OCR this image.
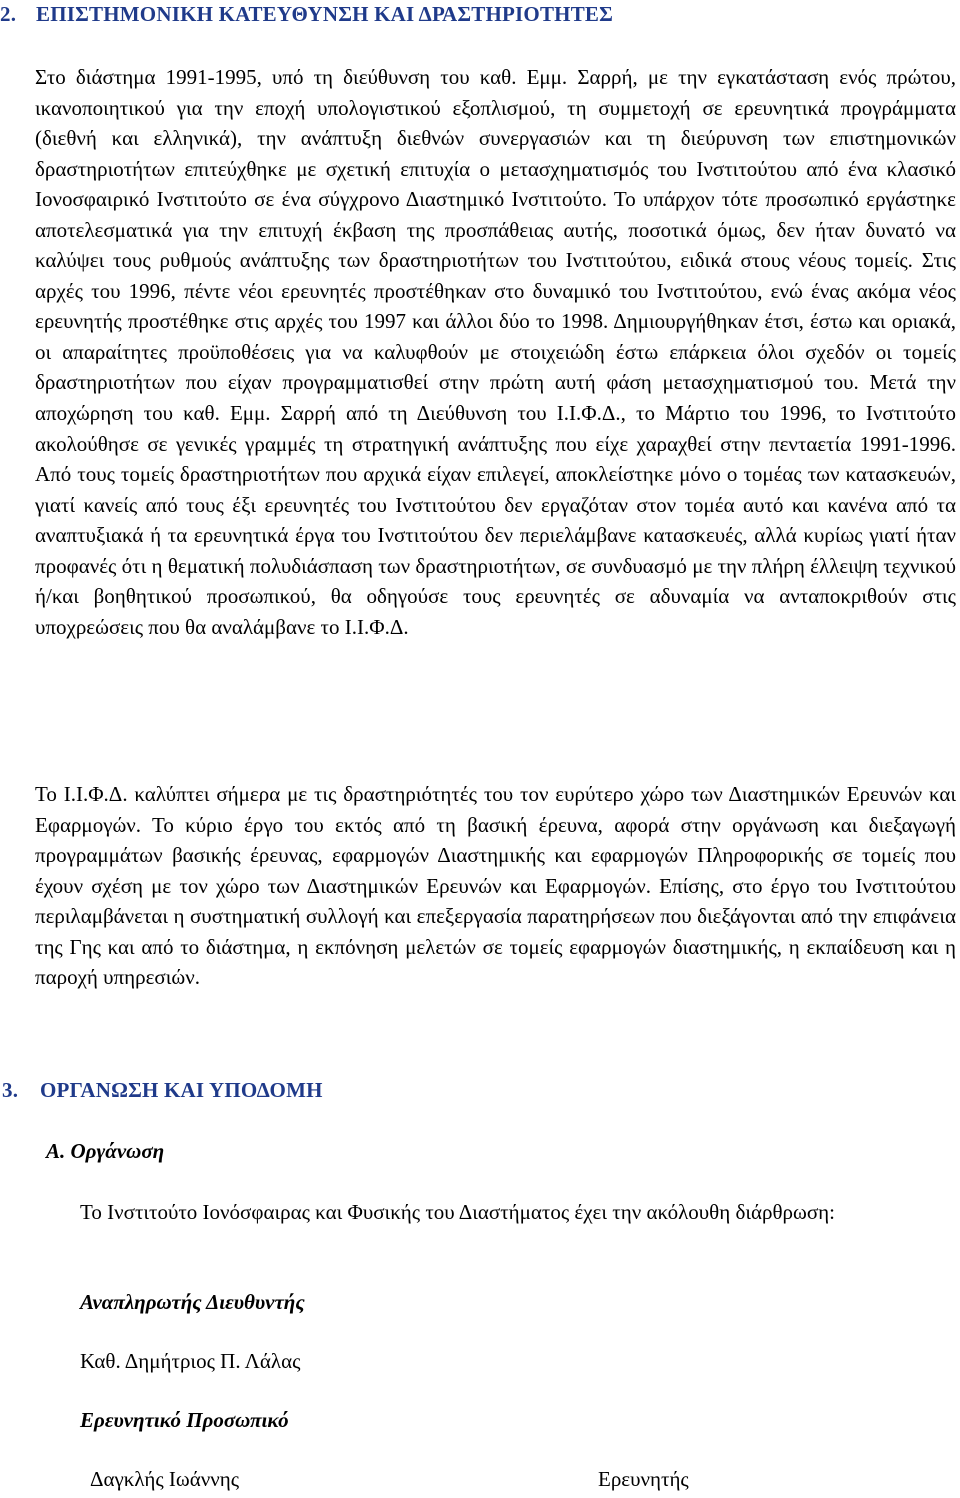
2. ΕΠΙΣΤΗΜΟΝΙΚΗ ΚΑΤΕΥΘΥΝΣΗ ΚΑΙ ΔΡΑΣΤΗΡΙΟΤΗΤΕΣ
Στο διάστημα 1991-1995, υπό τη διεύθυνση του καθ. Εμμ. Σαρρή, με την εγκατάσταση ενός πρώτου, ικανοποιητικού για την εποχή υπολογιστικού εξοπλισμού, τη συμμετοχή σε ερευνητικά προγράμματα (διεθνή και ελληνικά), την ανάπτυξη διεθνών συνεργασιών και τη διεύρυνση των επιστημονικών δραστηριοτήτων επιτεύχθηκε με σχετική επιτυχία ο μετασχηματισμός του Ινστιτούτου από ένα κλασικό Ιονοσφαιρικό Ινστιτούτο σε ένα σύγχρονο Διαστημικό Ινστιτούτο. Το υπάρχον τότε προσωπικό εργάστηκε αποτελεσματικά για την επιτυχή έκβαση της προσπάθειας αυτής, ποσοτικά όμως, δεν ήταν δυνατό να καλύψει τους ρυθμούς ανάπτυξης των δραστηριοτήτων του Ινστιτούτου, ειδικά στους νέους τομείς. Στις αρχές του 1996, πέντε νέοι ερευνητές προστέθηκαν στο δυναμικό του Ινστιτούτου, ενώ ένας ακόμα νέος ερευνητής προστέθηκε στις αρχές του 1997 και άλλοι δύο το 1998. Δημιουργήθηκαν έτσι, έστω και οριακά, οι απαραίτητες προϋποθέσεις για να καλυφθούν με στοιχειώδη έστω επάρκεια όλοι σχεδόν οι τομείς δραστηριοτήτων που είχαν προγραμματισθεί στην πρώτη αυτή φάση μετασχηματισμού του. Μετά την αποχώρηση του καθ. Εμμ. Σαρρή από τη Διεύθυνση του Ι.Ι.Φ.Δ., το Μάρτιο του 1996, το Ινστιτούτο ακολούθησε σε γενικές γραμμές τη στρατηγική ανάπτυξης που είχε χαραχθεί στην πενταετία 1991-1996. Από τους τομείς δραστηριοτήτων που αρχικά είχαν επιλεγεί, αποκλείστηκε μόνο ο τομέας των κατασκευών, γιατί κανείς από τους έξι ερευνητές του Ινστιτούτου δεν εργαζόταν στον τομέα αυτό και κανένα από τα αναπτυξιακά ή τα ερευνητικά έργα του Ινστιτούτου δεν περιελάμβανε κατασκευές, αλλά κυρίως γιατί ήταν προφανές ότι η θεματική πολυδιάσπαση των δραστηριοτήτων, σε συνδυασμό με την πλήρη έλλειψη τεχνικού ή/και βοηθητικού προσωπικού, θα οδηγούσε τους ερευνητές σε αδυναμία να ανταποκριθούν στις υποχρεώσεις που θα αναλάμβανε το Ι.Ι.Φ.Δ.
Το Ι.Ι.Φ.Δ. καλύπτει σήμερα με τις δραστηριότητές του τον ευρύτερο χώρο των Διαστημικών Ερευνών και Εφαρμογών. Το κύριο έργο του εκτός από τη βασική έρευνα, αφορά στην οργάνωση και διεξαγωγή προγραμμάτων βασικής έρευνας, εφαρμογών Διαστημικής και εφαρμογών Πληροφορικής σε τομείς που έχουν σχέση με τον χώρο των Διαστημικών Ερευνών και Εφαρμογών. Επίσης, στο έργο του Ινστιτούτου περιλαμβάνεται η συστηματική συλλογή και επεξεργασία παρατηρήσεων που διεξάγονται από την επιφάνεια της Γης και από το διάστημα, η εκπόνηση μελετών σε τομείς εφαρμογών διαστημικής, η εκπαίδευση και η παροχή υπηρεσιών.
3. ΟΡΓΑΝΩΣΗ ΚΑΙ ΥΠΟΔΟΜΗ
Α. Οργάνωση
Το Ινστιτούτο Ιονόσφαιρας και Φυσικής του Διαστήματος έχει την ακόλουθη διάρθρωση:
Αναπληρωτής Διευθυντής
Καθ. Δημήτριος Π. Λάλας
Ερευνητικό Προσωπικό
Δαγκλής Ιωάννης	Ερευνητής
